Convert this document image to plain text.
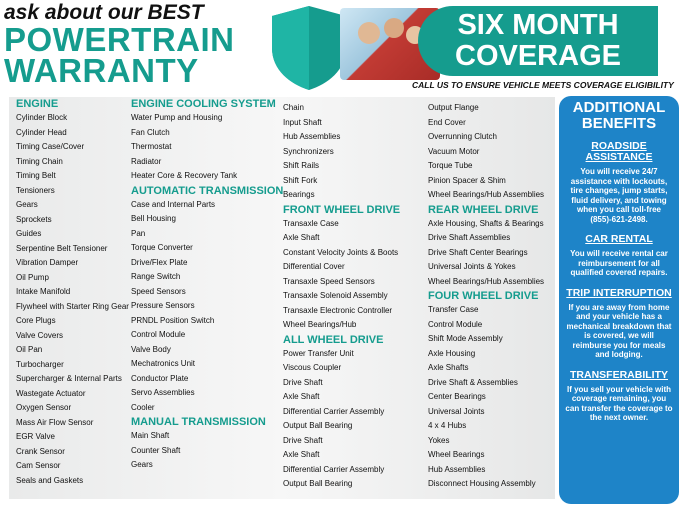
ask about our BEST
POWERTRAIN
WARRANTY
SIX MONTH
COVERAGE
CALL US TO ENSURE VEHICLE MEETS COVERAGE ELIGIBILITY
ENGINE
Cylinder Block
Cylinder Head
Timing Case/Cover
Timing Chain
Timing Belt
Tensioners
Gears
Sprockets
Guides
Serpentine Belt Tensioner
Vibration Damper
Oil Pump
Intake Manifold
Flywheel with Starter Ring Gear
Core Plugs
Valve Covers
Oil Pan
Turbocharger
Supercharger & Internal Parts
Wastegate Actuator
Oxygen Sensor
Mass Air Flow Sensor
EGR Valve
Crank Sensor
Cam Sensor
Seals and Gaskets
ENGINE COOLING SYSTEM
Water Pump and Housing
Fan Clutch
Thermostat
Radiator
Heater Core & Recovery Tank
AUTOMATIC TRANSMISSION
Case and Internal Parts
Bell Housing
Pan
Torque Converter
Drive/Flex Plate
Range Switch
Speed Sensors
Pressure Sensors
PRNDL Position Switch
Control Module
Valve Body
Mechatronics Unit
Conductor Plate
Servo Assemblies
Cooler
MANUAL TRANSMISSION
Main Shaft
Counter Shaft
Gears
Chain
Input Shaft
Hub Assemblies
Synchronizers
Shift Rails
Shift Fork
Bearings
FRONT WHEEL DRIVE
Transaxle Case
Axle Shaft
Constant Velocity Joints & Boots
Differential Cover
Transaxle Speed Sensors
Transaxle Solenoid Assembly
Transaxle Electronic Controller
Wheel Bearings/Hub
ALL WHEEL DRIVE
Power Transfer Unit
Viscous Coupler
Drive Shaft
Axle Shaft
Differential Carrier Assembly
Output Ball Bearing
Drive Shaft
Axle Shaft
Differential Carrier Assembly
Output Ball Bearing
Output Flange
End Cover
Overrunning Clutch
Vacuum Motor
Torque Tube
Pinion Spacer & Shim
Wheel Bearings/Hub Assemblies
REAR WHEEL DRIVE
Axle Housing, Shafts & Bearings
Drive Shaft Assemblies
Drive Shaft Center Bearings
Universal Joints & Yokes
Wheel Bearings/Hub Assemblies
FOUR WHEEL DRIVE
Transfer Case
Control Module
Shift Mode Assembly
Axle Housing
Axle Shafts
Drive Shaft & Assemblies
Center Bearings
Universal Joints
4 x 4 Hubs
Yokes
Wheel Bearings
Hub Assemblies
Disconnect Housing Assembly
ADDITIONAL
BENEFITS
ROADSIDE ASSISTANCE
You will receive 24/7 assistance with lockouts, tire changes, jump starts, fluid delivery, and towing when you call toll-free (855)-621-2498.
CAR RENTAL
You will receive rental car reimbursement for all qualified covered repairs.
TRIP INTERRUPTION
If you are away from home and your vehicle has a mechanical breakdown that is covered, we will reimburse you for meals and lodging.
TRANSFERABILITY
If you sell your vehicle with coverage remaining, you can transfer the coverage to the next owner.
